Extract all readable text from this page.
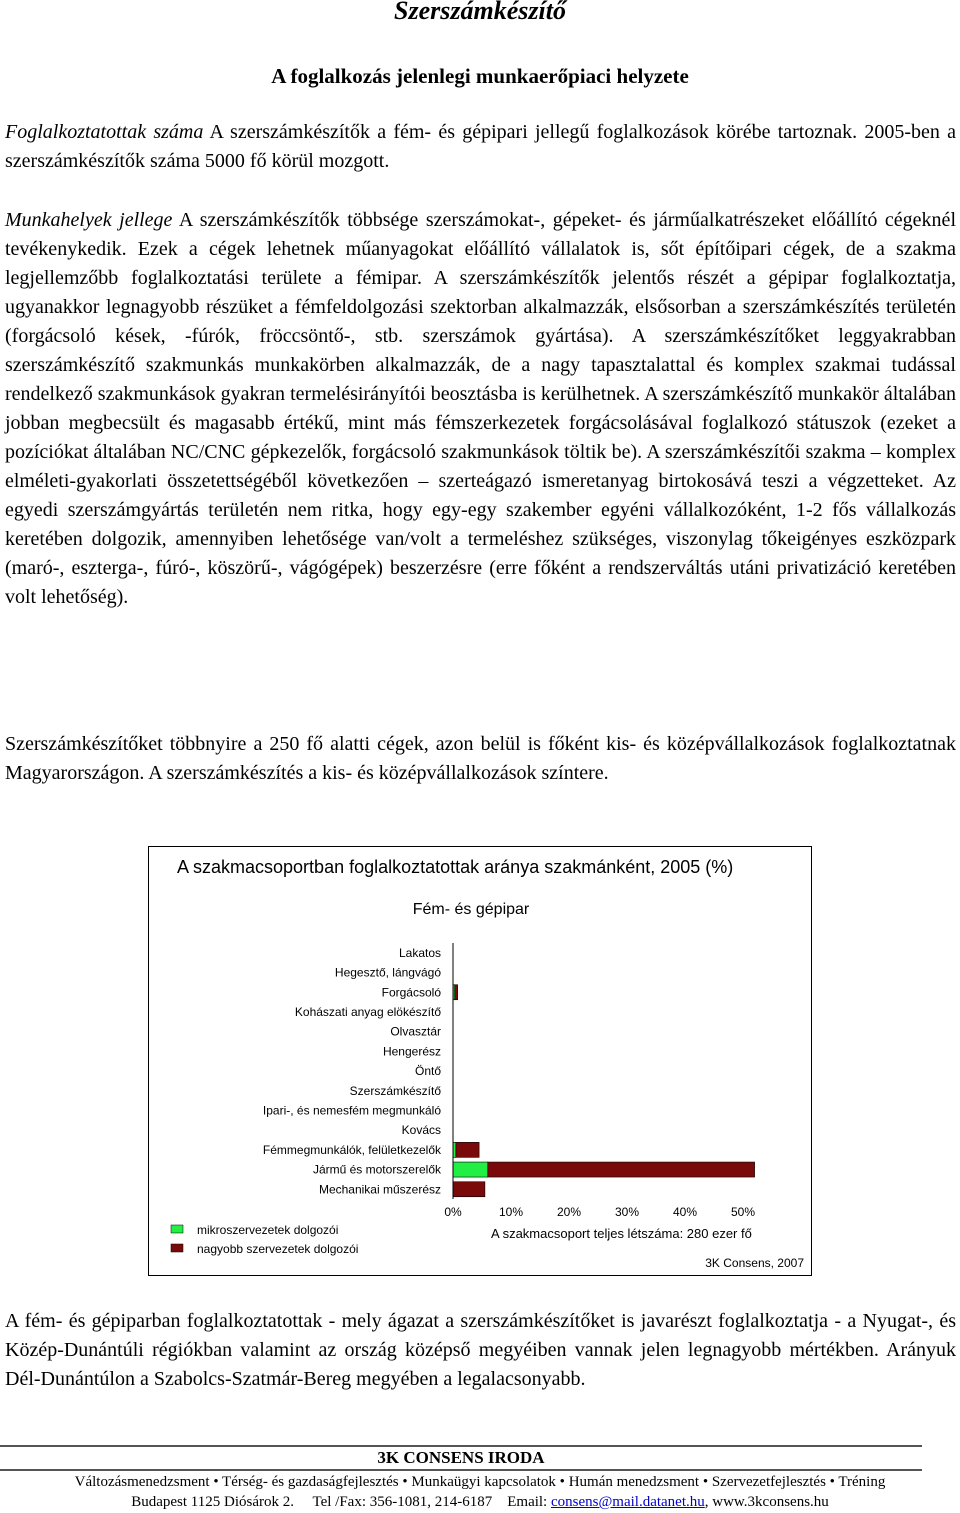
Szerszámkészítő
A foglalkozás jelenlegi munkaerőpiaci helyzete
Foglalkoztatottak száma A szerszámkészítők a fém- és gépipari jellegű foglalkozások körébe tartoznak. 2005-ben a szerszámkészítők száma 5000 fő körül mozgott.
Munkahelyek jellege A szerszámkészítők többsége szerszámokat-, gépeket- és járműalkatrészeket előállító cégeknél tevékenykedik. Ezek a cégek lehetnek műanyagokat előállító vállalatok is, sőt építőipari cégek, de a szakma legjellemzőbb foglalkoztatási területe a fémipar. A szerszámkészítők jelentős részét a gépipar foglalkoztatja, ugyanakkor legnagyobb részüket a fémfeldolgozási szektorban alkalmazzák, elsősorban a szerszámkészítés területén (forgácsoló kések, -fúrók, fröccsöntő-, stb. szerszámok gyártása). A szerszámkészítőket leggyakrabban szerszámkészítő szakmunkás munkakörben alkalmazzák, de a nagy tapasztalattal és komplex szakmai tudással rendelkező szakmunkások gyakran termelésirányítói beosztásba is kerülhetnek. A szerszámkészítő munkakör általában jobban megbecsült és magasabb értékű, mint más fémszerkezetek forgácsolásával foglalkozó státuszok (ezeket a pozíciókat általában NC/CNC gépkezelők, forgácsoló szakmunkások töltik be). A szerszámkészítői szakma – komplex elméleti-gyakorlati összetettségéből következően – szerteágazó ismeretanyag birtokosává teszi a végzetteket. Az egyedi szerszámgyártás területén nem ritka, hogy egy-egy szakember egyéni vállalkozóként, 1-2 fős vállalkozás keretében dolgozik, amennyiben lehetősége van/volt a termeléshez szükséges, viszonylag tőkeigényes eszközpark (maró-, eszterga-, fúró-, köszörű-, vágógépek) beszerzésre (erre főként a rendszerváltás utáni privatizáció keretében volt lehetőség).
Szerszámkészítőket többnyire a 250 fő alatti cégek, azon belül is főként kis- és középvállalkozások foglalkoztatnak Magyarországon. A szerszámkészítés a kis- és középvállalkozások színtere.
A szakmacsoportban foglalkoztatottak aránya szakmánként, 2005 (%)
Fém- és gépipar
Lakatos
Hegesztő, lángvágó
Forgácsoló
Kohászati anyag elökészítő
Olvasztár
Hengerész
Öntő
Szerszámkészítő
Ipari-, és nemesfém megmunkáló
Kovács
Fémmegmunkálók, felületkezelők
Jármű és motorszerelők
Mechanikai műszerész
0%	10%	20%	30%	40%	50%
A szakmacsoport teljes létszáma: 280 ezer fő
mikroszervezetek dolgozói
nagyobb szervezetek dolgozói
3K Consens, 2007
A fém- és gépiparban foglalkoztatottak - mely ágazat a szerszámkészítőket is javarészt foglalkoztatja - a Nyugat-, és Közép-Dunántúli régiókban valamint az ország középső megyéiben vannak jelen legnagyobb mértékben. Arányuk Dél-Dunántúlon a Szabolcs-Szatmár-Bereg megyében a legalacsonyabb.
3K CONSENS IRODA
Változásmenedzsment • Térség- és gazdaságfejlesztés • Munkaügyi kapcsolatok • Humán menedzsment • Szervezetfejlesztés • Tréning
Budapest 1125 Diósárok 2. Tel /Fax: 356-1081, 214-6187 Email: consens@mail.datanet.hu, www.3kconsens.hu
